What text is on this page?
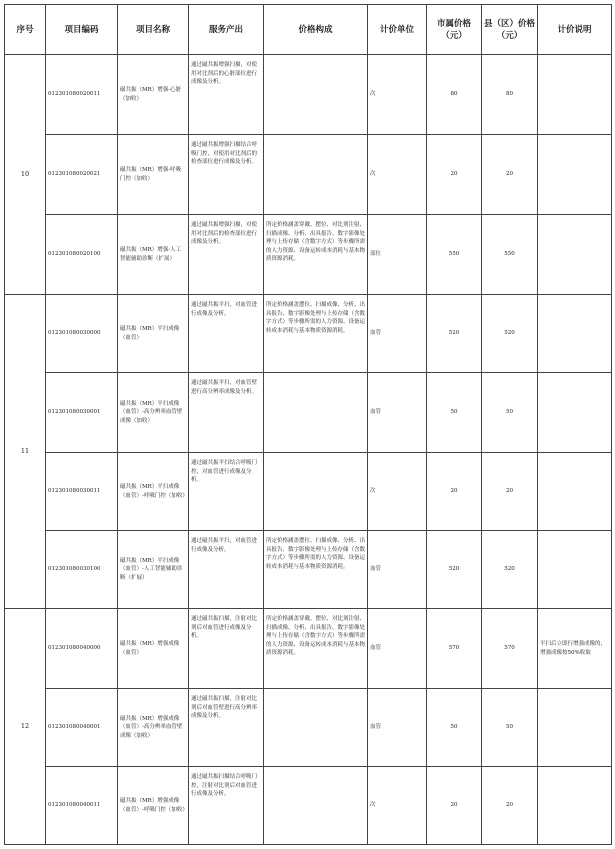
序号	项目编码	项目名称	服务产出	价格构成	计价单位	市属价格（元）	县（区）价格（元）	计价说明
10	012301080020011	磁共振（MR）增强-心脏（加收）	通过磁共振增强扫描，对使用对比剂后的心脏部位进行成像及分析。		次	80	80	
	012301080020021	磁共振（MR）增强-呼吸门控（加收）	通过磁共振增强扫描结合呼吸门控，对使用对比剂后的检查部位进行成像及分析。		次	20	20	
	012301080020100	磁共振（MR）增强-人工智能辅助诊断（扩展）	通过磁共振增强扫描，对使用对比剂后的检查部位进行成像及分析。	所定价格涵盖穿戴、摆位、对比剂注射、扫描成像、分析、出具报告、数字影像处理与上传存储（含数字方式）等步骤所需的人力资源、设备运转成本消耗与基本物质资源消耗。	部位	550	550	
11	012301080030000	磁共振（MR）平扫成像（血管）	通过磁共振平扫，对血管进行成像及分析。	所定价格涵盖摆位、扫描成像、分析、出具报告、数字影像处理与上传存储（含数字方式）等步骤所需的人力资源、设备运转成本消耗与基本物质资源消耗。	血管	520	520	
	012301080030001	磁共振（MR）平扫成像（血管）-高分辨率血管壁成像（加收）	通过磁共振平扫，对血管壁进行高分辨率成像及分析。		血管	50	50	
	012301080030011	磁共振（MR）平扫成像（血管）-呼吸门控（加收）	通过磁共振平扫结合呼吸门控，对血管进行成像及分析。		次	20	20	
	012301080030100	磁共振（MR）平扫成像（血管）-人工智能辅助诊断（扩展）	通过磁共振平扫，对血管进行成像及分析。	所定价格涵盖摆位、扫描成像、分析、出具报告、数字影像处理与上传存储（含数字方式）等步骤所需的人力资源、设备运转成本消耗与基本物质资源消耗。	血管	520	520	
12	012301080040000	磁共振（MR）增强成像（血管）	通过磁共振扫描，注射对比剂后对血管进行成像及分析。	所定价格涵盖穿戴、摆位、对比剂注射、扫描成像、分析、出具报告、数字影像处理与上传存储（含数字方式）等步骤所需的人力资源、设备运转成本消耗与基本物质资源消耗。	血管	570	570	平扫后立即行增强成像的，增强成像按50%收取
	012301080040001	磁共振（MR）增强成像（血管）-高分辨率血管壁成像（加收）	通过磁共振扫描，注射对比剂后对血管壁进行高分辨率成像及分析。		血管	50	50	
	012301080040011	磁共振（MR）增强成像（血管）-呼吸门控（加收）	通过磁共振扫描结合呼吸门控，注射对比剂后对血管进行成像及分析。		次	20	20	
